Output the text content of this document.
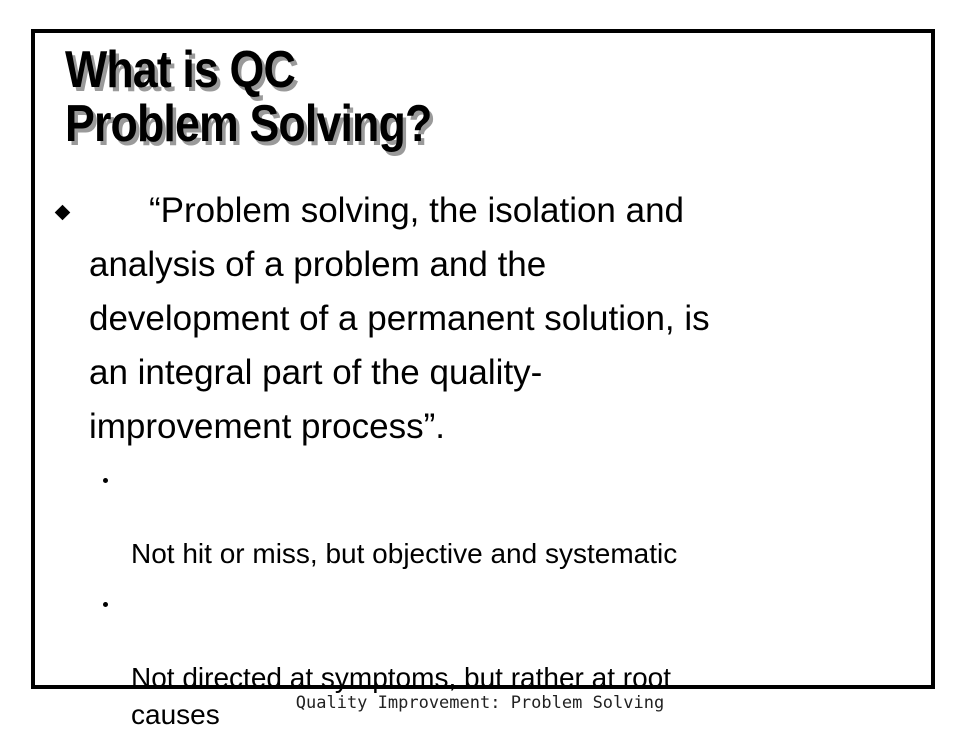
What is QC
Problem Solving?
“Problem solving, the isolation and
analysis of a problem and the
development of a permanent solution, is
an integral part of the quality-
improvement process”.

Not hit or miss, but objective and systematic

Not directed at symptoms, but rather at root
causes	Quality Improvement: Problem Solving
